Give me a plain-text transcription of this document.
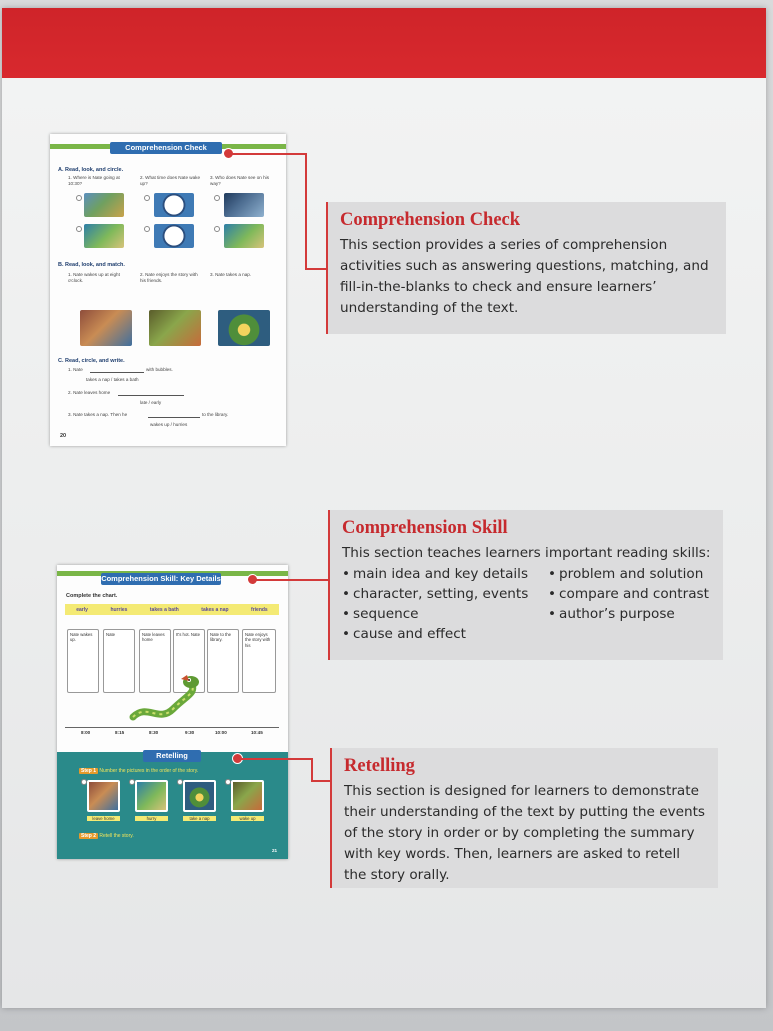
Comprehension Check
A. Read, look, and circle.
1. Where is Nate going at 10:30?
2. What time does Nate wake up?
3. Who does Nate see on his way?
B. Read, look, and match.
1. Nate wakes up at eight o'clock.
2. Nate enjoys the story with his friends.
3. Nate takes a nap.
C. Read, circle, and write.
1. Nate	with bubbles.
takes a nap / takes a bath
2. Nate leaves home
late / early
3. Nate takes a nap. Then he	to the library.
wakes up / hurries
20
Comprehension Skill: Key Details
Complete the chart.
early	hurries	takes a bath	takes a nap	friends
Nate wakes up.
Nate	Nate leaves home
It's hot. Nate	Nate to the library.
Nate enjoys the story with his
8:00	8:15	8:30	9:30	10:00	10:45
Retelling
Step 1 Number the pictures in the order of the story.
leave home	hurry	take a nap	wake up
Step 2 Retell the story.
21
Comprehension Check
This section provides a series of comprehension activities such as answering questions, matching, and fill-in-the-blanks to check and ensure learners’ understanding of the text.
Comprehension Skill
This section teaches learners important reading skills:
• main idea and key details	• problem and solution
• character, setting, events	• compare and contrast
• sequence	• author’s purpose
• cause and effect
Retelling
This section is designed for learners to demonstrate their understanding of the text by putting the events of the story in order or by completing the summary with key words. Then, learners are asked to retell the story orally.
